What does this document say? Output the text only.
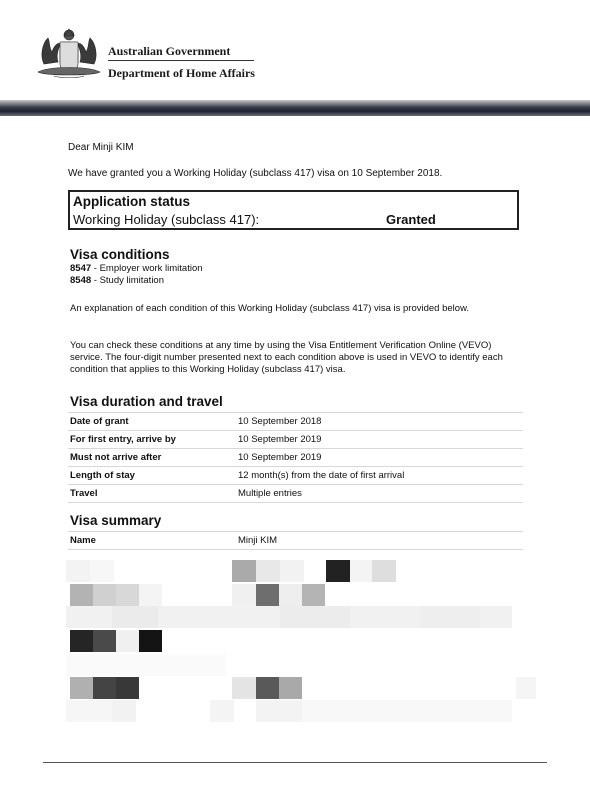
Australian Government
Department of Home Affairs
Dear Minji KIM
We have granted you a Working Holiday (subclass 417) visa on 10 September 2018.
Application status
Working Holiday (subclass 417):	Granted
Visa conditions
8547 - Employer work limitation
8548 - Study limitation
An explanation of each condition of this Working Holiday (subclass 417) visa is provided below.
You can check these conditions at any time by using the Visa Entitlement Verification Online (VEVO) service. The four-digit number presented next to each condition above is used in VEVO to identify each condition that applies to this Working Holiday (subclass 417) visa.
Visa duration and travel
Date of grant	10 September 2018
For first entry, arrive by	10 September 2019
Must not arrive after	10 September 2019
Length of stay	12 month(s) from the date of first arrival
Travel	Multiple entries
Visa summary
Name	Minji KIM
